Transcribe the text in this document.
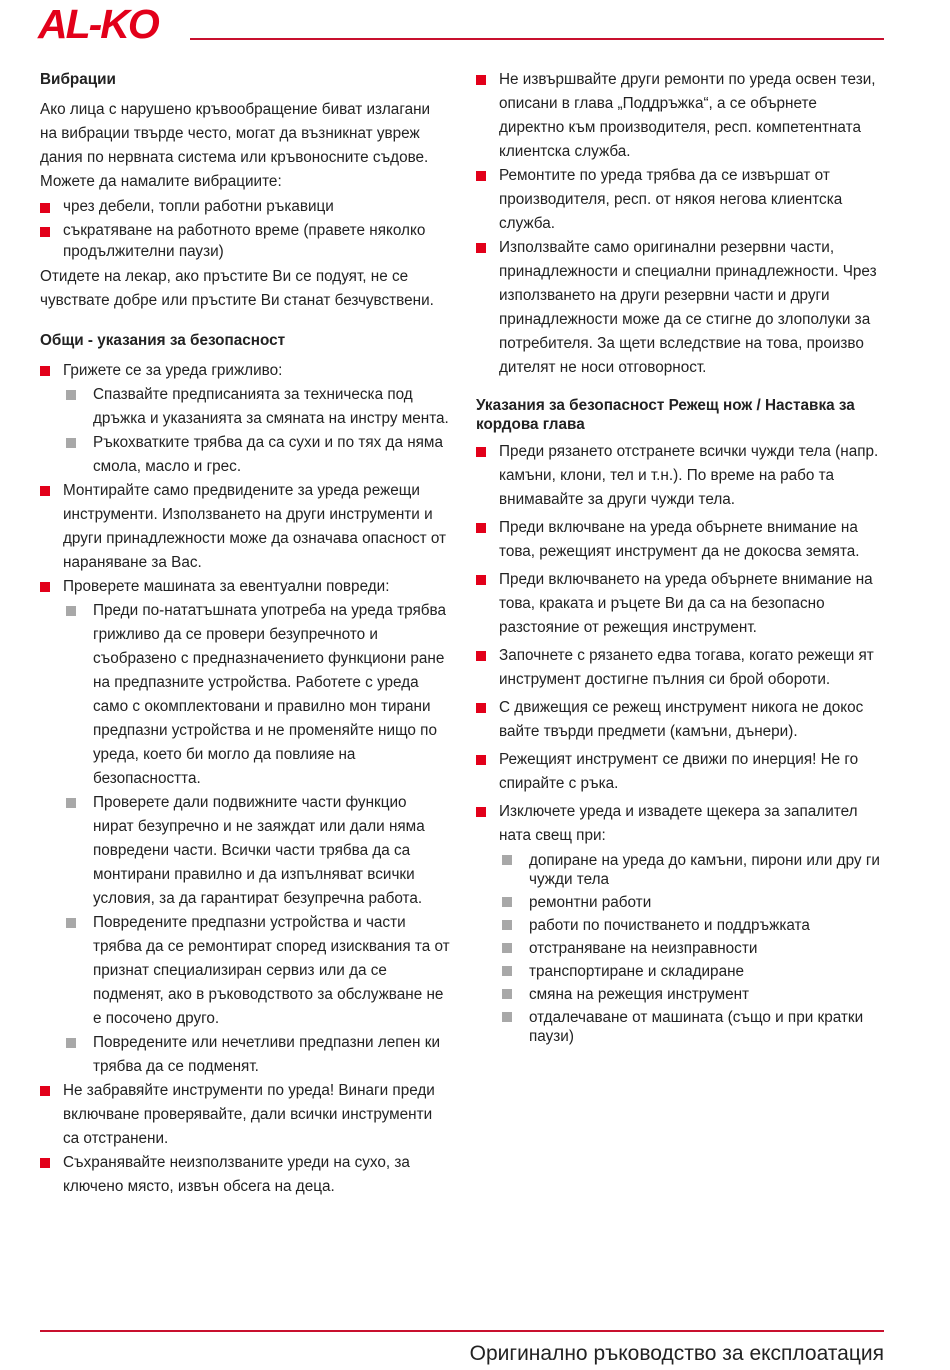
AL-KO

Вибрации

Ако лица с нарушено кръвообращение биват излагани на вибрации твърде често, могат да възникнат увреж дания по нервната система или кръвоносните съдове.

Можете да намалите вибрациите:

чрез дебели, топли работни ръкавици
съкратяване на работното време (правете няколко продължителни паузи)

Отидете на лекар, ако пръстите Ви се подуят, не се чувствате добре или пръстите Ви станат безчувствени.

Общи - указания за безопасност

Грижете се за уреда грижливо:
Спазвайте предписанията за техническа под дръжка и указанията за смяната на инстру мента.
Ръкохватките трябва да са сухи и по тях да няма смола, масло и грес.
Монтирайте само предвидените за уреда режещи инструменти. Използването на други инструменти и други принадлежности може да означава опасност от нараняване за Вас.
Проверете машината за евентуални повреди:
Преди по-нататъшната употреба на уреда трябва грижливо да се провери безупречното и съобразено с предназначението функциони ране на предпазните устройства. Работете с уреда само с окомплектовани и правилно мон тирани предпазни устройства и не променяйте нищо по уреда, което би могло да повлияе на безопасността.
Проверете дали подвижните части функцио нират безупречно и не заяждат или дали няма повредени части. Всички части трябва да са монтирани правилно и да изпълняват всички условия, за да гарантират безупречна работа.
Повредените предпазни устройства и части трябва да се ремонтират според изисквания та от признат специализиран сервиз или да се подменят, ако в ръководството за обслужване не е посочено друго.
Повредените или нечетливи предпазни лепен ки трябва да се подменят.
Не забравяйте инструменти по уреда! Винаги преди включване проверявайте, дали всички инструменти са отстранени.
Съхранявайте неизползваните уреди на сухо, за ключено място, извън обсега на деца.
Не извършвайте други ремонти по уреда освен тези, описани в глава „Поддръжка“, а се обърнете директно към производителя, респ. компетентната клиентска служба.
Ремонтите по уреда трябва да се извършат от производителя, респ. от някоя негова клиентска служба.
Използвайте само оригинални резервни части, принадлежности и специални принадлежности. Чрез използването на други резервни части и други принадлежности може да се стигне до злополуки за потребителя. За щети вследствие на това, произво дителят не носи отговорност.

Указания за безопасност Режещ нож / Наставка за кордова глава

Преди рязането отстранете всички чужди тела (напр. камъни, клони, тел и т.н.). По време на рабо та внимавайте за други чужди тела.
Преди включване на уреда обърнете внимание на това, режещият инструмент да не докосва земята.
Преди включването на уреда обърнете внимание на това, краката и ръцете Ви да са на безопасно разстояние от режещия инструмент.
Започнете с рязането едва тогава, когато режещи ят инструмент достигне пълния си брой обороти.
С движещия се режещ инструмент никога не докос вайте твърди предмети (камъни, дънери).
Режещият инструмент се движи по инерция! Не го спирайте с ръка.
Изключете уреда и извадете щекера за запалител ната свещ при:
допиране на уреда до камъни, пирони или дру ги чужди тела
ремонтни работи
работи по почистването и поддръжката
отстраняване на неизправности
транспортиране и складиране
смяна на режещия инструмент
отдалечаване от машината (също и при кратки паузи)
Оригинално ръководство за експлоатация
